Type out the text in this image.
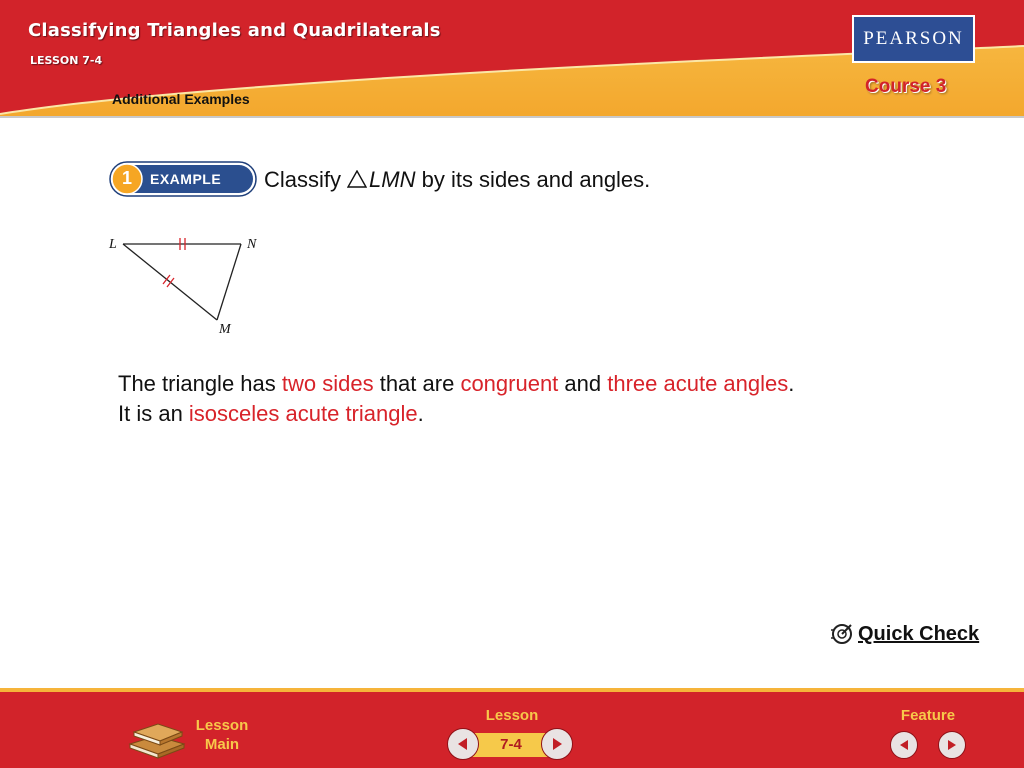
Classifying Triangles and Quadrilaterals
LESSON 7-4
Additional Examples
PEARSON
Course 3
1 EXAMPLE Classify LMN by its sides and angles.
L	N
M
The triangle has two sides that are congruent and three acute angles.
It is an isosceles acute triangle.
Quick Check
Lesson
Main
Lesson	Feature
7-4
